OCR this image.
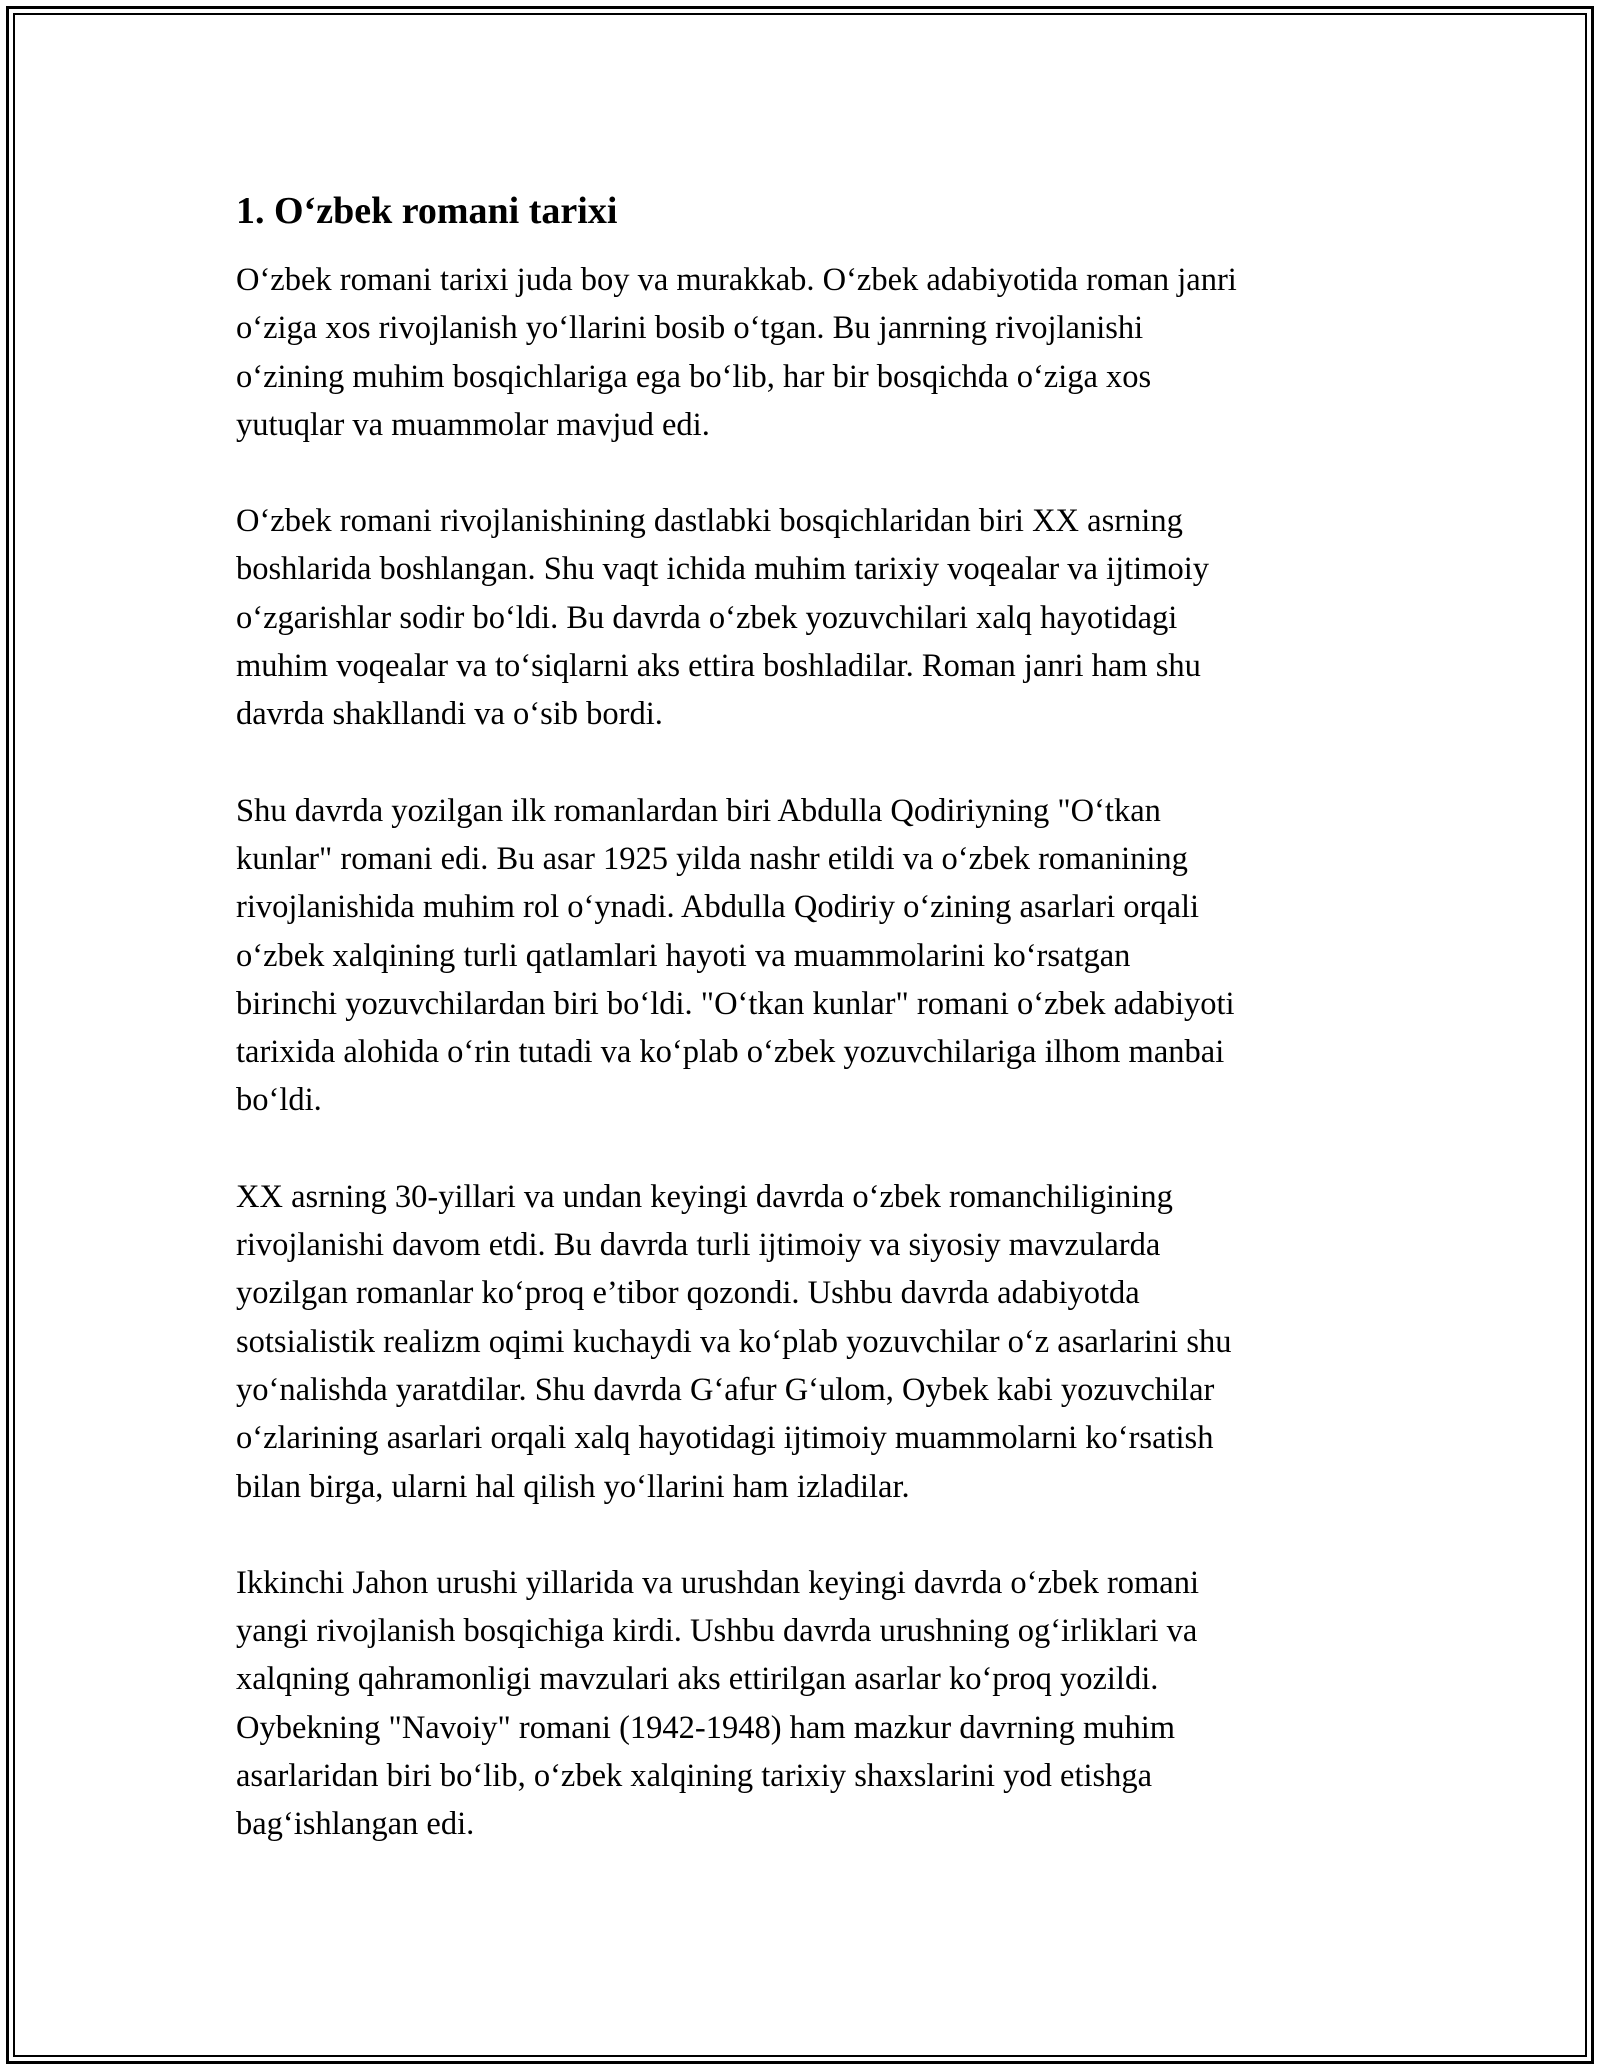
1. O‘zbek romani tarixi

O‘zbek romani tarixi juda boy va murakkab. O‘zbek adabiyotida roman janri
o‘ziga xos rivojlanish yo‘llarini bosib o‘tgan. Bu janrning rivojlanishi
o‘zining muhim bosqichlariga ega bo‘lib, har bir bosqichda o‘ziga xos
yutuqlar va muammolar mavjud edi.

O‘zbek romani rivojlanishining dastlabki bosqichlaridan biri XX asrning
boshlarida boshlangan. Shu vaqt ichida muhim tarixiy voqealar va ijtimoiy
o‘zgarishlar sodir bo‘ldi. Bu davrda o‘zbek yozuvchilari xalq hayotidagi
muhim voqealar va to‘siqlarni aks ettira boshladilar. Roman janri ham shu
davrda shakllandi va o‘sib bordi.

Shu davrda yozilgan ilk romanlardan biri Abdulla Qodiriyning "O‘tkan
kunlar" romani edi. Bu asar 1925 yilda nashr etildi va o‘zbek romanining
rivojlanishida muhim rol o‘ynadi. Abdulla Qodiriy o‘zining asarlari orqali
o‘zbek xalqining turli qatlamlari hayoti va muammolarini ko‘rsatgan
birinchi yozuvchilardan biri bo‘ldi. "O‘tkan kunlar" romani o‘zbek adabiyoti
tarixida alohida o‘rin tutadi va ko‘plab o‘zbek yozuvchilariga ilhom manbai
bo‘ldi.

XX asrning 30-yillari va undan keyingi davrda o‘zbek romanchiligining
rivojlanishi davom etdi. Bu davrda turli ijtimoiy va siyosiy mavzularda
yozilgan romanlar ko‘proq e’tibor qozondi. Ushbu davrda adabiyotda
sotsialistik realizm oqimi kuchaydi va ko‘plab yozuvchilar o‘z asarlarini shu
yo‘nalishda yaratdilar. Shu davrda G‘afur G‘ulom, Oybek kabi yozuvchilar
o‘zlarining asarlari orqali xalq hayotidagi ijtimoiy muammolarni ko‘rsatish
bilan birga, ularni hal qilish yo‘llarini ham izladilar.

Ikkinchi Jahon urushi yillarida va urushdan keyingi davrda o‘zbek romani
yangi rivojlanish bosqichiga kirdi. Ushbu davrda urushning og‘irliklari va
xalqning qahramonligi mavzulari aks ettirilgan asarlar ko‘proq yozildi.
Oybekning "Navoiy" romani (1942-1948) ham mazkur davrning muhim
asarlaridan biri bo‘lib, o‘zbek xalqining tarixiy shaxslarini yod etishga
bag‘ishlangan edi.
